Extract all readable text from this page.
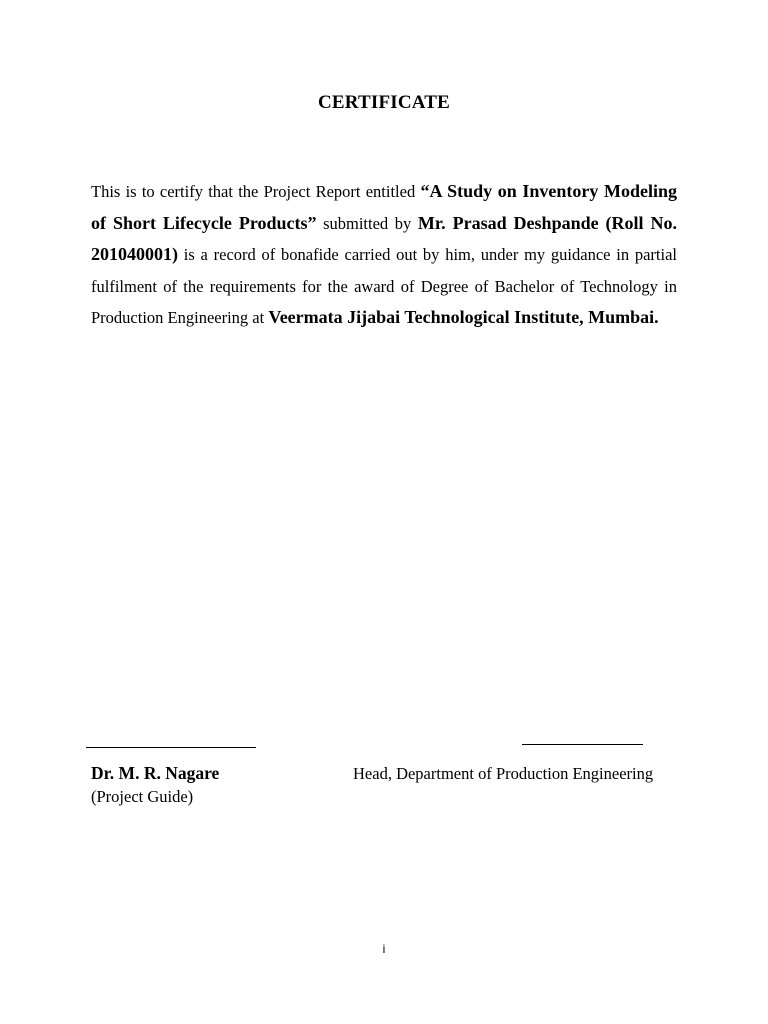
CERTIFICATE
This is to certify that the Project Report entitled “A Study on Inventory Modeling of Short Lifecycle Products” submitted by Mr. Prasad Deshpande (Roll No. 201040001) is a record of bonafide carried out by him, under my guidance in partial fulfilment of the requirements for the award of Degree of Bachelor of Technology in Production Engineering at Veermata Jijabai Technological Institute, Mumbai.
Dr. M. R. Nagare
(Project Guide)
Head, Department of Production Engineering
i
